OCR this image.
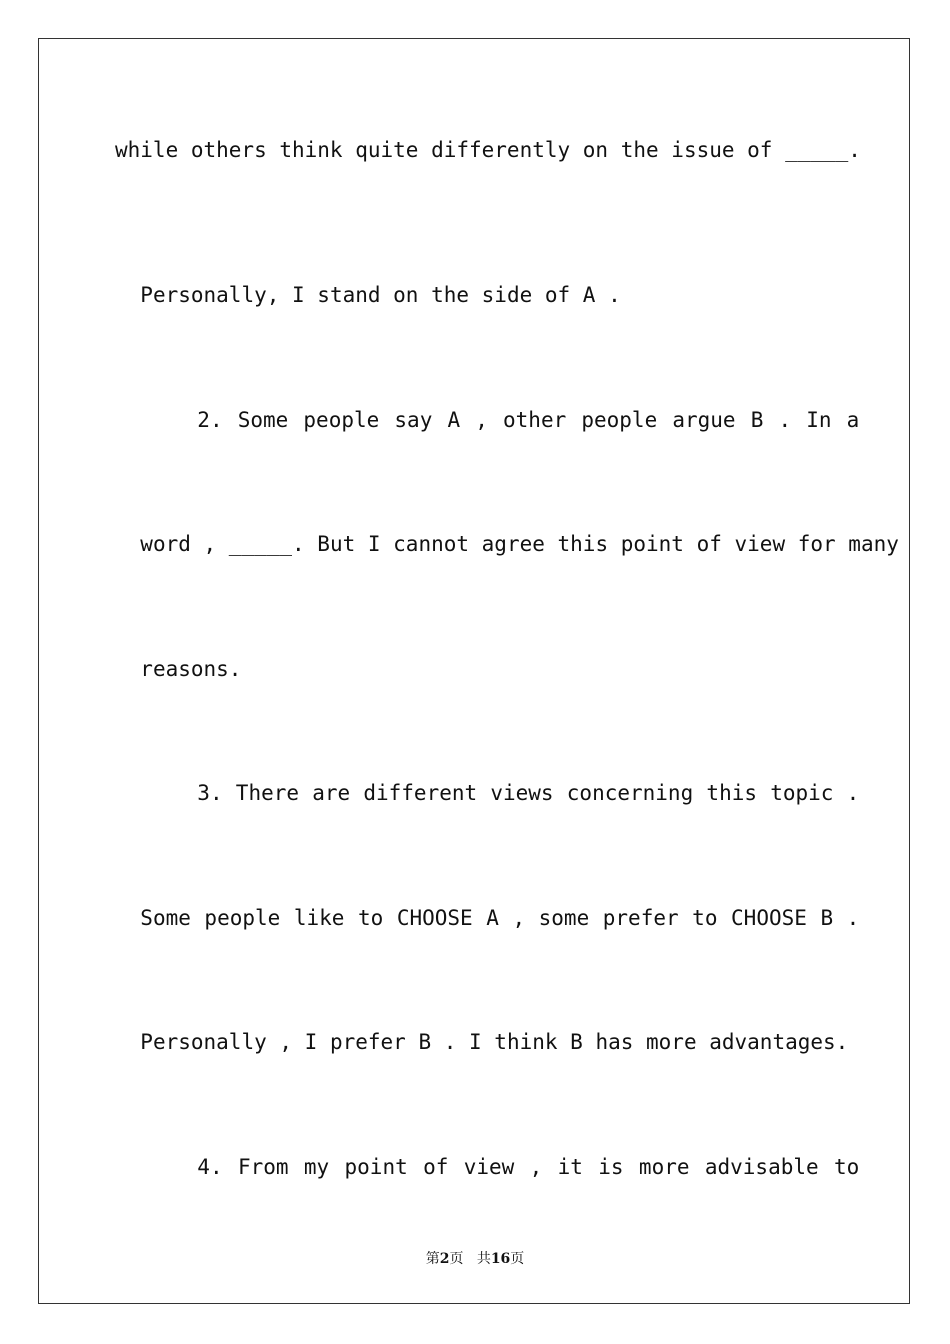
while others think quite differently on the issue of _____.

Personally, I stand on the side of A .

2. Some people say A , other people argue B . In a

word , _____. But I cannot agree this point of view for many

reasons.

3. There are different views concerning this topic .

Some people like to CHOOSE A , some prefer to CHOOSE B .

Personally , I prefer B . I think B has more advantages.

4. From my point of view , it is more advisable to

第2页 共16页
